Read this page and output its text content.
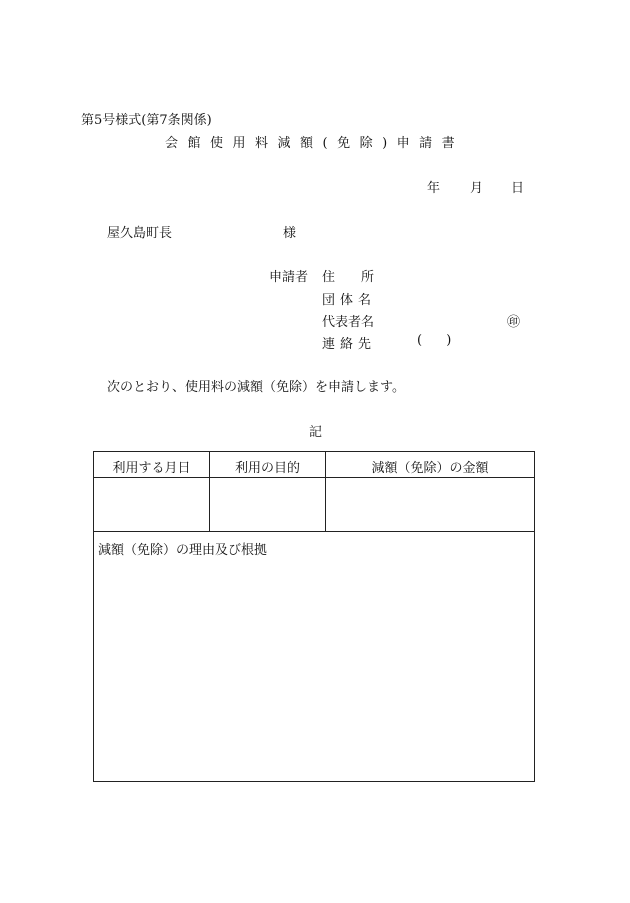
第5号様式(第7条関係)
会館使用料減額(免除)申請書
年 月 日
屋久島町長	様
申請者 住所
団体名
代表者名
連絡先	( )
㊞
次のとおり、使用料の減額（免除）を申請します。
記
利用する月日	利用の目的	減額（免除）の金額
減額（免除）の理由及び根拠
